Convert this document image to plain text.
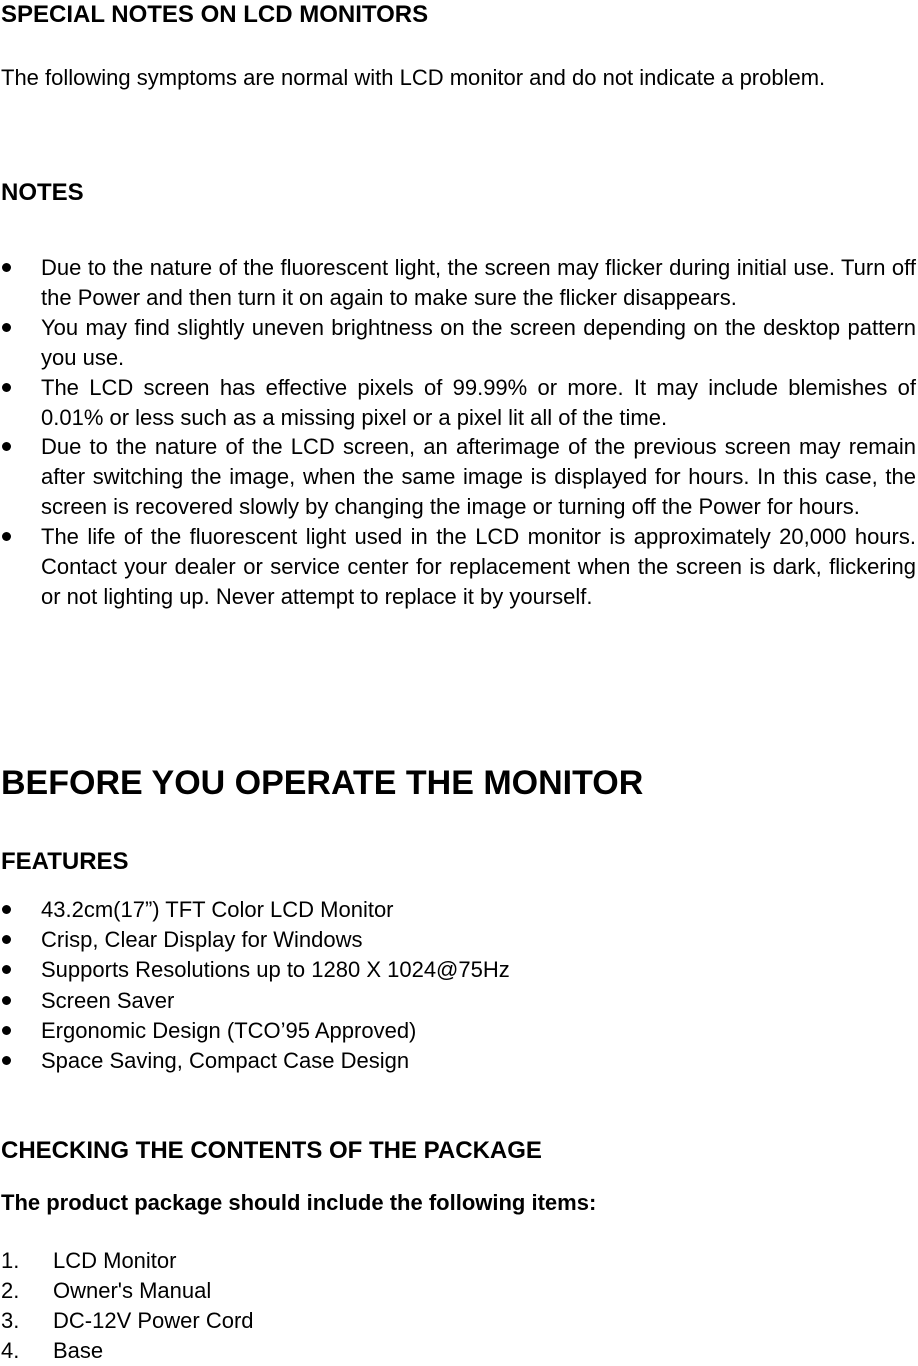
SPECIAL NOTES ON LCD MONITORS

The following symptoms are normal with LCD monitor and do not indicate a problem.

NOTES
Due to the nature of the fluorescent light, the screen may flicker during initial use. Turn off the Power and then turn it on again to make sure the flicker disappears.
You may find slightly uneven brightness on the screen depending on the desktop pattern you use.
The LCD screen has effective pixels of 99.99% or more. It may include blemishes of 0.01% or less such as a missing pixel or a pixel lit all of the time.
Due to the nature of the LCD screen, an afterimage of the previous screen may remain after switching the image, when the same image is displayed for hours. In this case, the screen is recovered slowly by changing the image or turning off the Power for hours.
The life of the fluorescent light used in the LCD monitor is approximately 20,000 hours. Contact your dealer or service center for replacement when the screen is dark, flickering or not lighting up. Never attempt to replace it by yourself.
BEFORE YOU OPERATE THE MONITOR
FEATURES
43.2cm(17”) TFT Color LCD Monitor
Crisp, Clear Display for Windows
Supports Resolutions up to 1280 X 1024@75Hz
Screen Saver
Ergonomic Design (TCO’95 Approved)
Space Saving, Compact Case Design
CHECKING THE CONTENTS OF THE PACKAGE

The product package should include the following items:

1. LCD Monitor
2. Owner's Manual
3. DC-12V Power Cord
4. Base
